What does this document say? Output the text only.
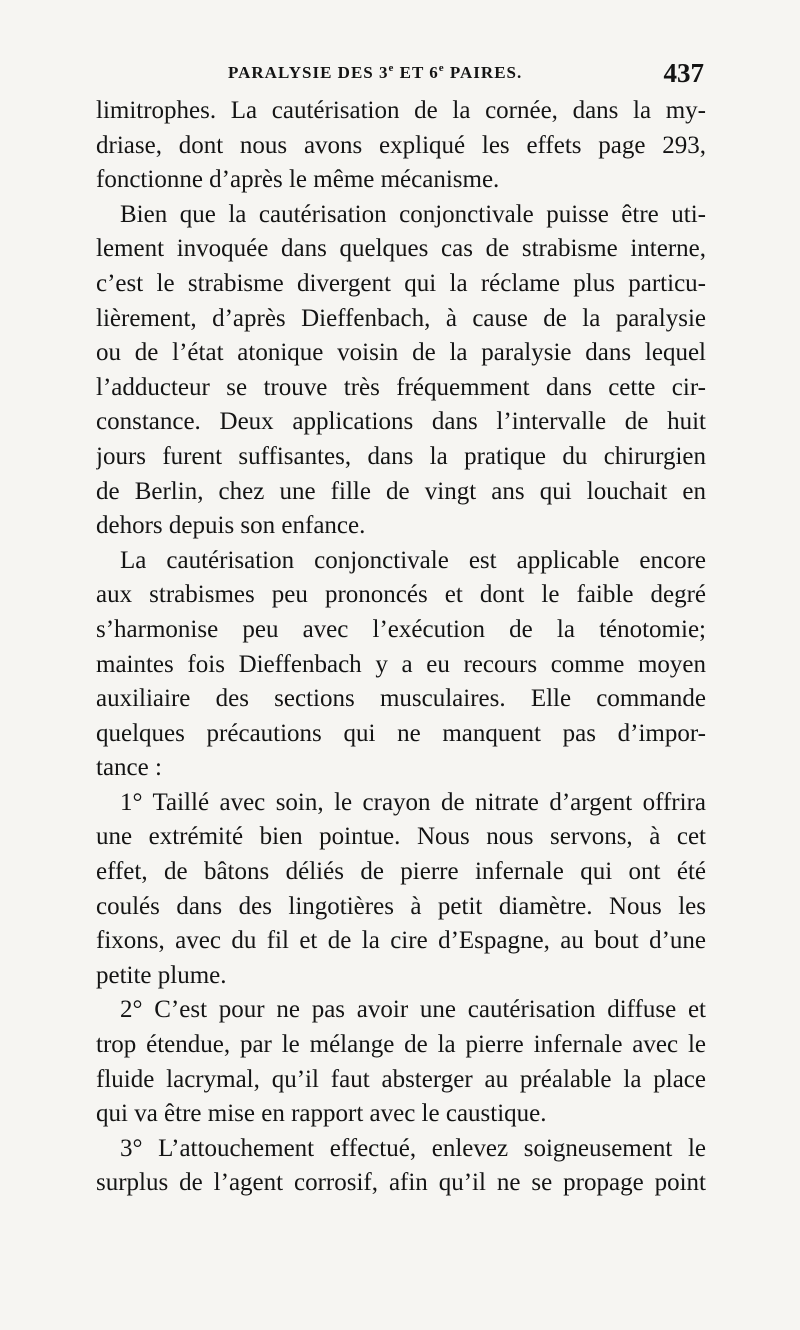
PARALYSIE DES 3e ET 6e PAIRES.	437
limitrophes. La cautérisation de la cornée, dans la my-
driase, dont nous avons expliqué les effets page 293,
fonctionne d’après le même mécanisme.
Bien que la cautérisation conjonctivale puisse être uti-
lement invoquée dans quelques cas de strabisme interne,
c’est le strabisme divergent qui la réclame plus particu-
lièrement, d’après Dieffenbach, à cause de la paralysie
ou de l’état atonique voisin de la paralysie dans lequel
l’adducteur se trouve très fréquemment dans cette cir-
constance. Deux applications dans l’intervalle de huit
jours furent suffisantes, dans la pratique du chirurgien
de Berlin, chez une fille de vingt ans qui louchait en
dehors depuis son enfance.
La cautérisation conjonctivale est applicable encore
aux strabismes peu prononcés et dont le faible degré
s’harmonise peu avec l’exécution de la ténotomie;
maintes fois Dieffenbach y a eu recours comme moyen
auxiliaire des sections musculaires. Elle commande
quelques précautions qui ne manquent pas d’impor-
tance :
1° Taillé avec soin, le crayon de nitrate d’argent offrira
une extrémité bien pointue. Nous nous servons, à cet
effet, de bâtons déliés de pierre infernale qui ont été
coulés dans des lingotières à petit diamètre. Nous les
fixons, avec du fil et de la cire d’Espagne, au bout d’une
petite plume.
2° C’est pour ne pas avoir une cautérisation diffuse et
trop étendue, par le mélange de la pierre infernale avec le
fluide lacrymal, qu’il faut absterger au préalable la place
qui va être mise en rapport avec le caustique.
3° L’attouchement effectué, enlevez soigneusement le
surplus de l’agent corrosif, afin qu’il ne se propage point
